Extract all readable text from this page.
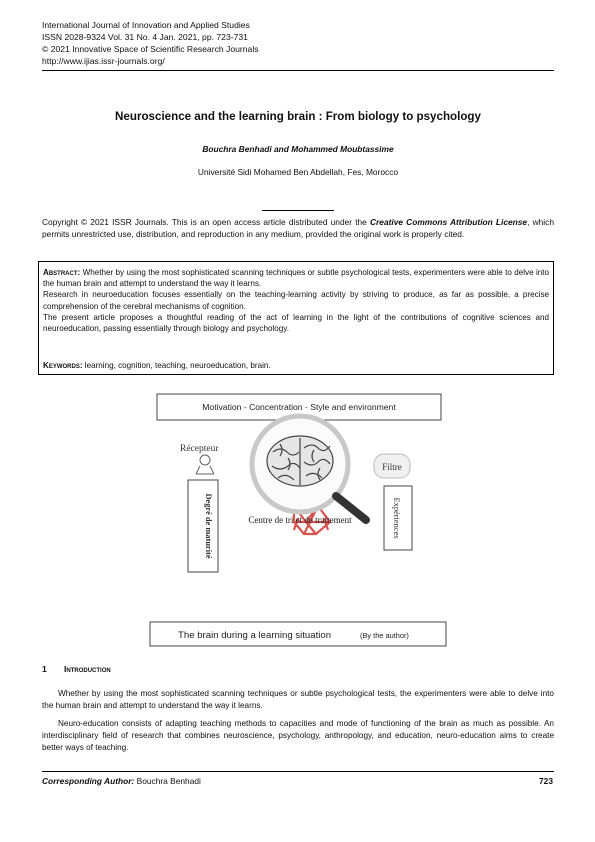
International Journal of Innovation and Applied Studies
ISSN 2028-9324 Vol. 31 No. 4 Jan. 2021, pp. 723-731
© 2021 Innovative Space of Scientific Research Journals
http://www.ijias.issr-journals.org/
Neuroscience and the learning brain : From biology to psychology
Bouchra Benhadi and Mohammed Moubtassime
Université Sidi Mohamed Ben Abdellah, Fes, Morocco
Copyright © 2021 ISSR Journals. This is an open access article distributed under the Creative Commons Attribution License, which permits unrestricted use, distribution, and reproduction in any medium, provided the original work is properly cited.

Abstract: Whether by using the most sophisticated scanning techniques or subtle psychological tests, experimenters were able to delve into the human brain and attempt to understand the way it learns.

Research in neuroeducation focuses essentially on the teaching-learning activity by striving to produce, as far as possible, a precise comprehension of the cerebral mechanisms of cognition.

The present article proposes a thoughtful reading of the act of learning in the light of the contributions of cognitive sciences and neuroeducation, passing essentially through biology and psychology.

Keywords: learning, cognition, teaching, neuroeducation, brain.
Motivation - Concentration - Style and environment
Récepteur
Filtre
Degré de maturité	Expériences
Centre de tri et de traitement
The brain during a learning situation	(By the author)
1 Introduction
Whether by using the most sophisticated scanning techniques or subtle psychological tests, the experimenters were able to delve into the human brain and attempt to understand the way it learns.
Neuro-education consists of adapting teaching methods to capacities and mode of functioning of the brain as much as possible. An interdisciplinary field of research that combines neuroscience, psychology, anthropology, and education, neuro-education aims to create better ways of teaching.
Corresponding Author: Bouchra Benhadi	723
